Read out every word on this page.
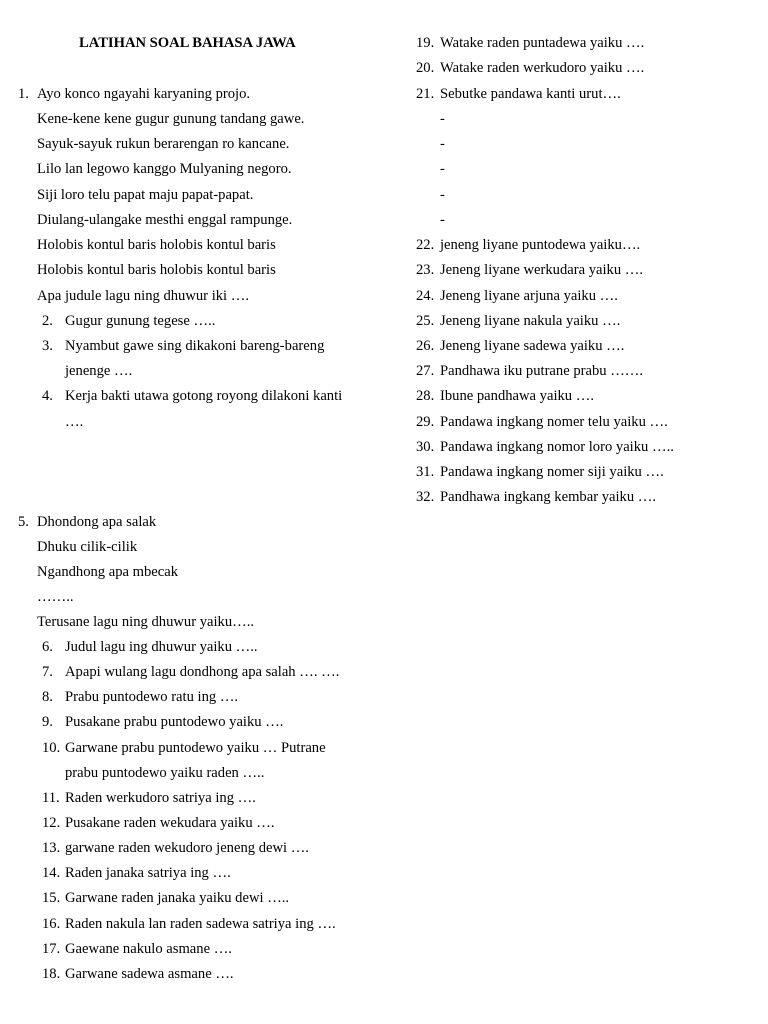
LATIHAN SOAL BAHASA JAWA
1. Ayo konco ngayahi karyaning projo.
Kene-kene kene gugur gunung tandang gawe.
Sayuk-sayuk rukun berarengan ro kancane.
Lilo lan legowo kanggo Mulyaning negoro.
Siji loro telu papat maju papat-papat.
Diulang-ulangake mesthi enggal rampunge.
Holobis kontul baris holobis kontul baris
Holobis kontul baris holobis kontul baris
Apa judule lagu ning dhuwur iki ….
2. Gugur gunung tegese …..
3. Nyambut gawe sing dikakoni bareng-bareng
jenenge ….
4. Kerja bakti utawa gotong royong dilakoni kanti
….
5. Dhondong apa salak
Dhuku cilik-cilik
Ngandhong apa mbecak
……..
Terusane lagu ning dhuwur yaiku…..
6. Judul lagu ing dhuwur yaiku …..
7. Apapi wulang lagu dondhong apa salah …. ….
8. Prabu puntodewo ratu ing ….
9. Pusakane prabu puntodewo yaiku ….
10. Garwane prabu puntodewo yaiku … Putrane
prabu puntodewo yaiku raden …..
11. Raden werkudoro satriya ing ….
12. Pusakane raden wekudara yaiku ….
13. garwane raden wekudoro jeneng dewi ….
14. Raden janaka satriya ing ….
15. Garwane raden janaka yaiku dewi …..
16. Raden nakula lan raden sadewa satriya ing ….
17. Gaewane nakulo asmane ….
18. Garwane sadewa asmane ….
19. Watake raden puntadewa yaiku ….
20. Watake raden werkudoro yaiku ….
21. Sebutke pandawa kanti urut….
-
-
-
-
-
22. jeneng liyane puntodewa yaiku….
23. Jeneng liyane werkudara yaiku ….
24. Jeneng liyane arjuna yaiku ….
25. Jeneng liyane nakula yaiku ….
26. Jeneng liyane sadewa yaiku ….
27. Pandhawa iku putrane prabu …….
28. Ibune pandhawa yaiku ….
29. Pandawa ingkang nomer telu yaiku ….
30. Pandawa ingkang nomor loro yaiku …..
31. Pandawa ingkang nomer siji yaiku ….
32. Pandhawa ingkang kembar yaiku ….
